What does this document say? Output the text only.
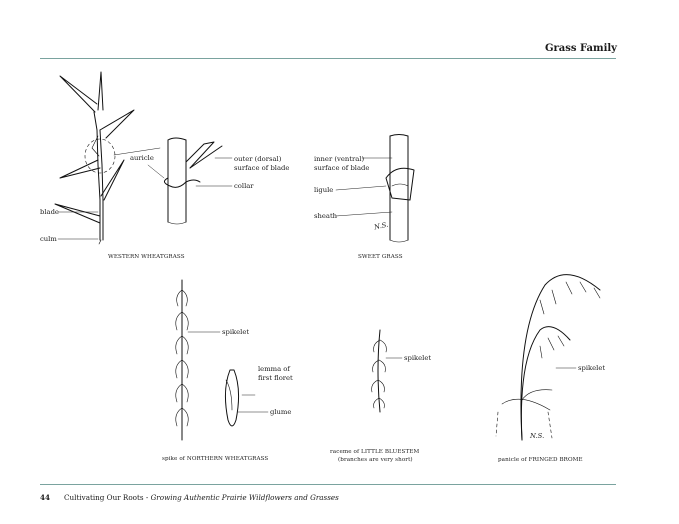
Grass Family
auricle	outer (dorsal)
surface of blade
collar
blade
culm
WESTERN WHEATGRASS
inner (ventral)
surface of blade
ligule
sheath
N.S.
SWEET GRASS
spikelet
lemma of
first floret
glume
spike of NORTHERN WHEATGRASS
spikelet
raceme of LITTLE BLUESTEM
(branches are very short)
spikelet
N.S.
panicle of FRINGED BROME
44 Cultivating Our Roots - Growing Authentic Prairie Wildflowers and Grasses
